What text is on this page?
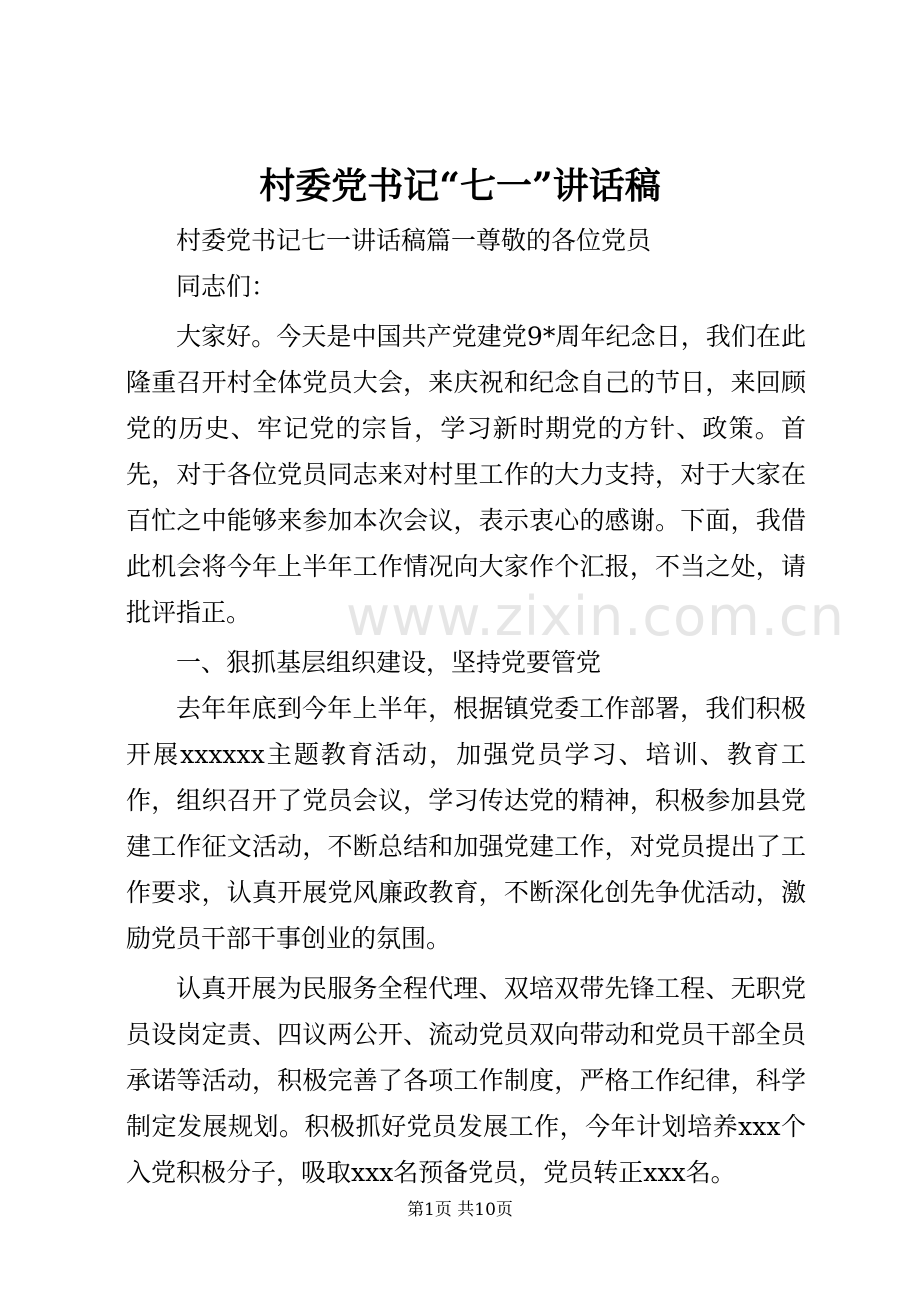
村委党书记“七一”讲话稿

村委党书记七一讲话稿篇一尊敬的各位党员

同志们：

大家好。今天是中国共产党建党9*周年纪念日，我们在此隆重召开村全体党员大会，来庆祝和纪念自己的节日，来回顾党的历史、牢记党的宗旨，学习新时期党的方针、政策。首先，对于各位党员同志来对村里工作的大力支持，对于大家在百忙之中能够来参加本次会议，表示衷心的感谢。下面，我借此机会将今年上半年工作情况向大家作个汇报，不当之处，请批评指正。

一、狠抓基层组织建设，坚持党要管党

去年年底到今年上半年，根据镇党委工作部署，我们积极开展xxxxxx主题教育活动，加强党员学习、培训、教育工作，组织召开了党员会议，学习传达党的精神，积极参加县党建工作征文活动，不断总结和加强党建工作，对党员提出了工作要求，认真开展党风廉政教育，不断深化创先争优活动，激励党员干部干事创业的氛围。

认真开展为民服务全程代理、双培双带先锋工程、无职党员设岗定责、四议两公开、流动党员双向带动和党员干部全员承诺等活动，积极完善了各项工作制度，严格工作纪律，科学制定发展规划。积极抓好党员发展工作，今年计划培养xxx个入党积极分子，吸取xxx名预备党员，党员转正xxx名。

www.zixin.com.cn
第1页 共10页
